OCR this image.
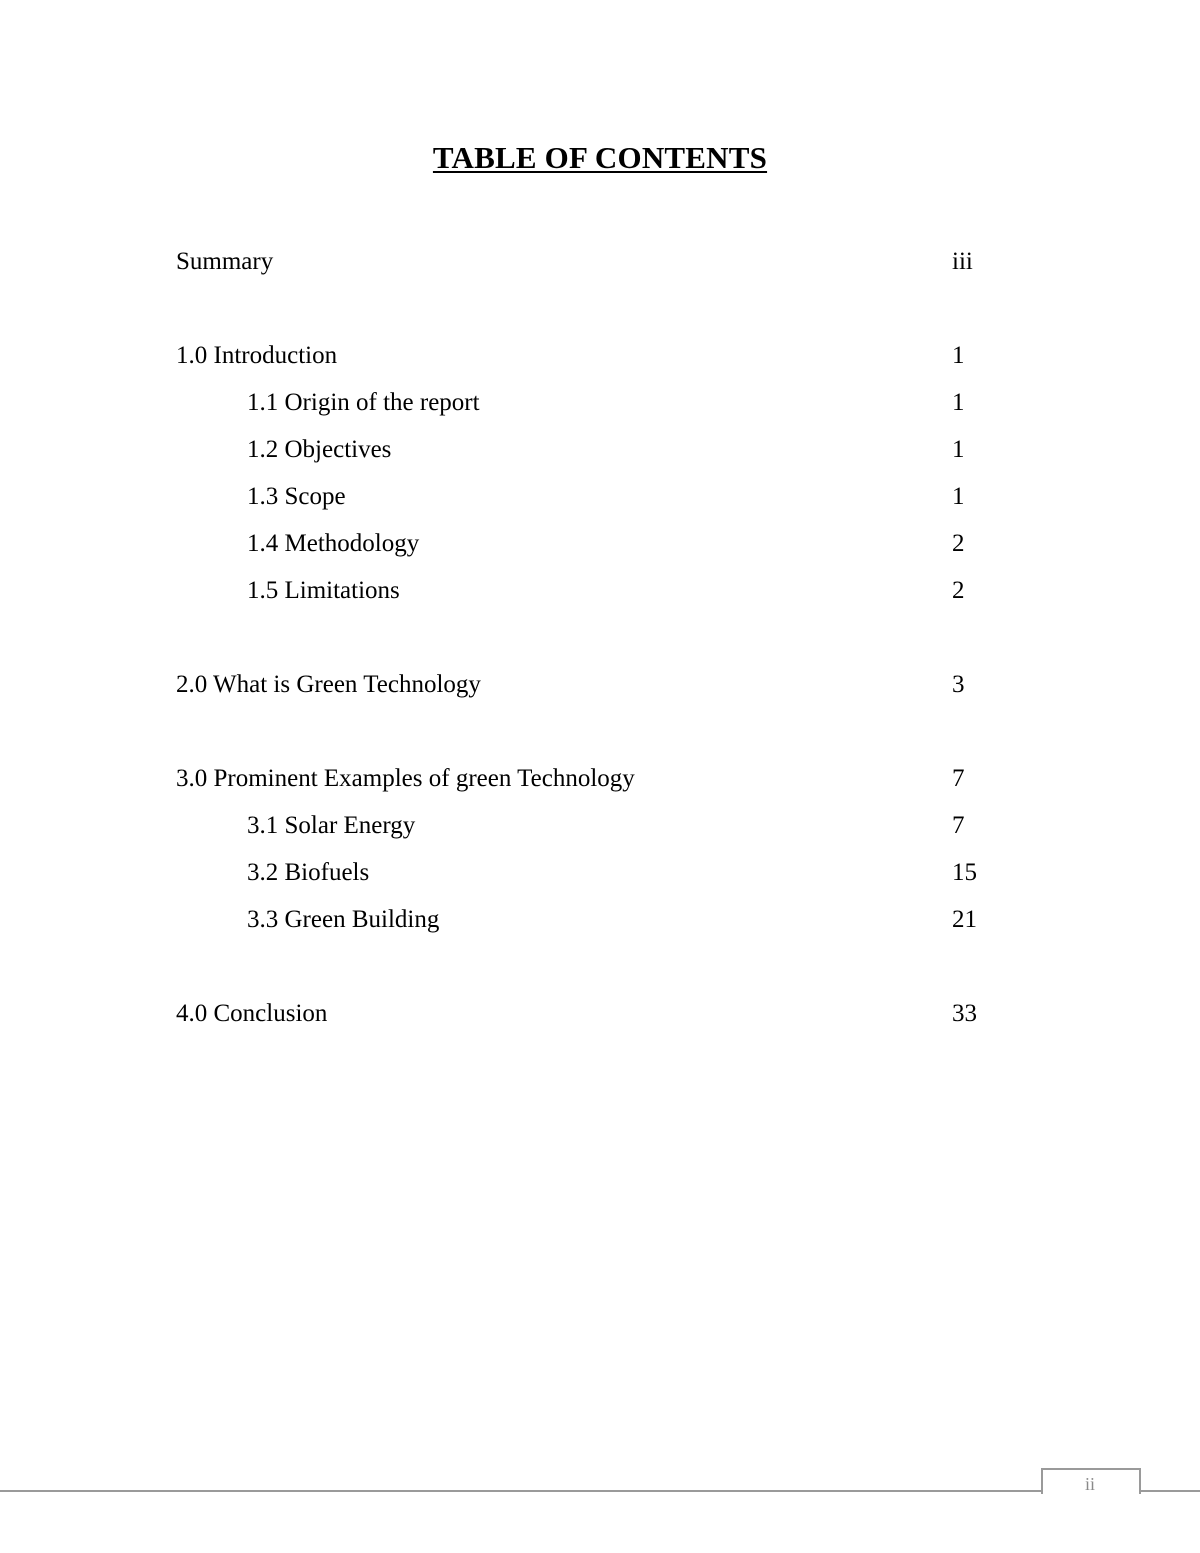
TABLE OF CONTENTS
Summary	iii
1.0 Introduction	1
1.1 Origin of the report	1
1.2 Objectives	1
1.3 Scope	1
1.4 Methodology	2
1.5 Limitations	2
2.0 What is Green Technology	3
3.0 Prominent Examples of green Technology	7
3.1 Solar Energy	7
3.2 Biofuels	15
3.3 Green Building	21
4.0 Conclusion	33
ii
